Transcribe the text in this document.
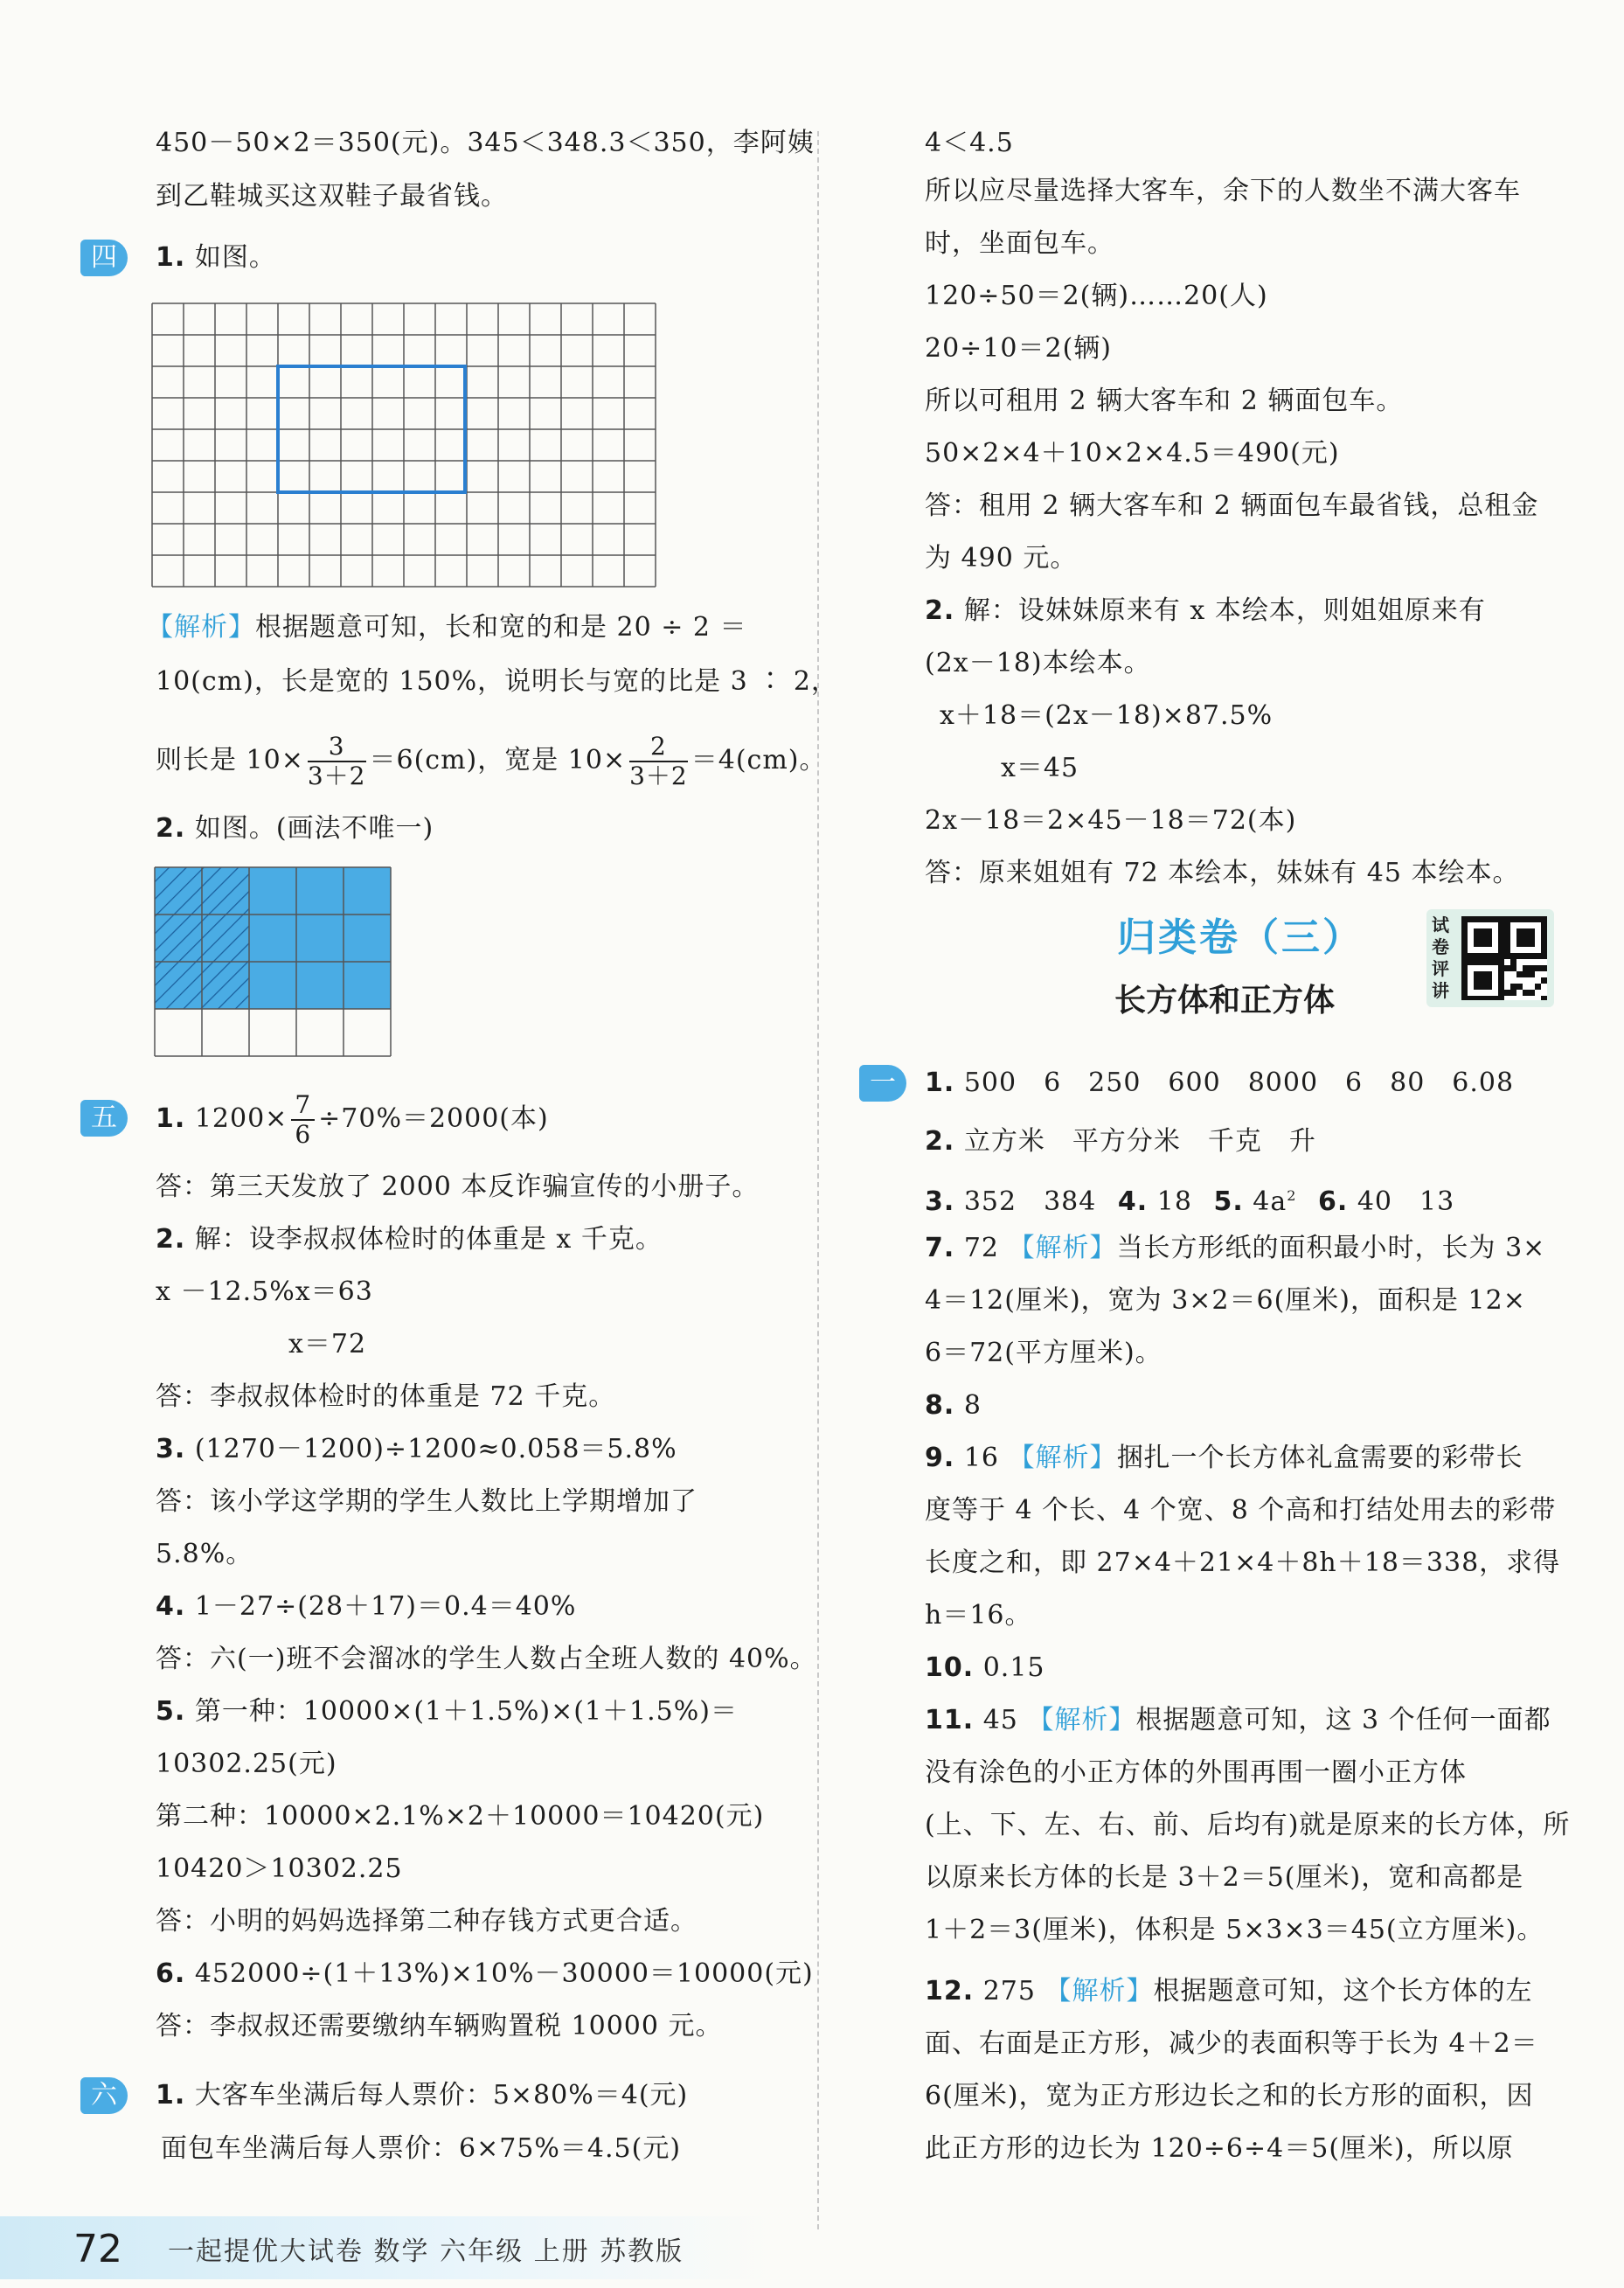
450－50×2＝350(元)。345＜348.3＜350，李阿姨
到乙鞋城买这双鞋子最省钱。
四	1. 如图。
【解析】根据题意可知，长和宽的和是 20 ÷ 2 ＝
10(cm)，长是宽的 150%，说明长与宽的比是 3 ∶ 2，
则长是 $10\times \frac{3}{3+2} =6(cm)$，宽是 $10\times \frac{2}{3+2} =4(cm)$。
2. 如图。(画法不唯一)
五	1. $1200\times \frac{7}{6} \div 70\%=2000$(本)
答：第三天发放了 2000 本反诈骗宣传的小册子。
2. 解：设李叔叔体检时的体重是 x 千克。
x －12.5%x＝63
x＝72
答：李叔叔体检时的体重是 72 千克。
3. (1270－1200)÷1200≈0.058＝5.8%
答：该小学这学期的学生人数比上学期增加了
5.8%。
4. 1－27÷(28＋17)＝0.4＝40%
答：六(一)班不会溜冰的学生人数占全班人数的 40%。
5. 第一种：10000×(1＋1.5%)×(1＋1.5%)＝
10302.25(元)
第二种：10000×2.1%×2＋10000＝10420(元)
10420＞10302.25
答：小明的妈妈选择第二种存钱方式更合适。
6. 452000÷(1＋13%)×10%－30000＝10000(元)
答：李叔叔还需要缴纳车辆购置税 10000 元。
六	1. 大客车坐满后每人票价：5×80%＝4(元)
面包车坐满后每人票价：6×75%＝4.5(元)
4＜4.5
所以应尽量选择大客车，余下的人数坐不满大客车
时，坐面包车。
120÷50＝2(辆)……20(人)
20÷10＝2(辆)
所以可租用 2 辆大客车和 2 辆面包车。
50×2×4＋10×2×4.5＝490(元)
答：租用 2 辆大客车和 2 辆面包车最省钱，总租金
为 490 元。
2. 解：设妹妹原来有 x 本绘本，则姐姐原来有
(2x－18)本绘本。
x＋18＝(2x－18)×87.5%
x＝45
2x－18＝2×45－18＝72(本)
答：原来姐姐有 72 本绘本，妹妹有 45 本绘本。
归类卷（三）
长方体和正方体
试卷评讲
一	1. 500　6　250　600　8000　6　80　6.08
2. 立方米　平方分米　千克　升
3. 352　384 4. 18 5. $4a^2$ 6. 40　13
7. 72 【解析】当长方形纸的面积最小时，长为 3×
4＝12(厘米)，宽为 3×2＝6(厘米)，面积是 12×
6＝72(平方厘米)。
8. 8
9. 16 【解析】捆扎一个长方体礼盒需要的彩带长
度等于 4 个长、4 个宽、8 个高和打结处用去的彩带
长度之和，即 27×4＋21×4＋8h＋18＝338，求得
h＝16。
10. 0.15
11. 45 【解析】根据题意可知，这 3 个任何一面都
没有涂色的小正方体的外围再围一圈小正方体
(上、下、左、右、前、后均有)就是原来的长方体，所
以原来长方体的长是 3＋2＝5(厘米)，宽和高都是
1＋2＝3(厘米)，体积是 5×3×3＝45(立方厘米)。
12. 275 【解析】根据题意可知，这个长方体的左
面、右面是正方形，减少的表面积等于长为 4＋2＝
6(厘米)，宽为正方形边长之和的长方形的面积，因
此正方形的边长为 120÷6÷4＝5(厘米)，所以原
72 一起提优大试卷 数学 六年级 上册 苏教版
